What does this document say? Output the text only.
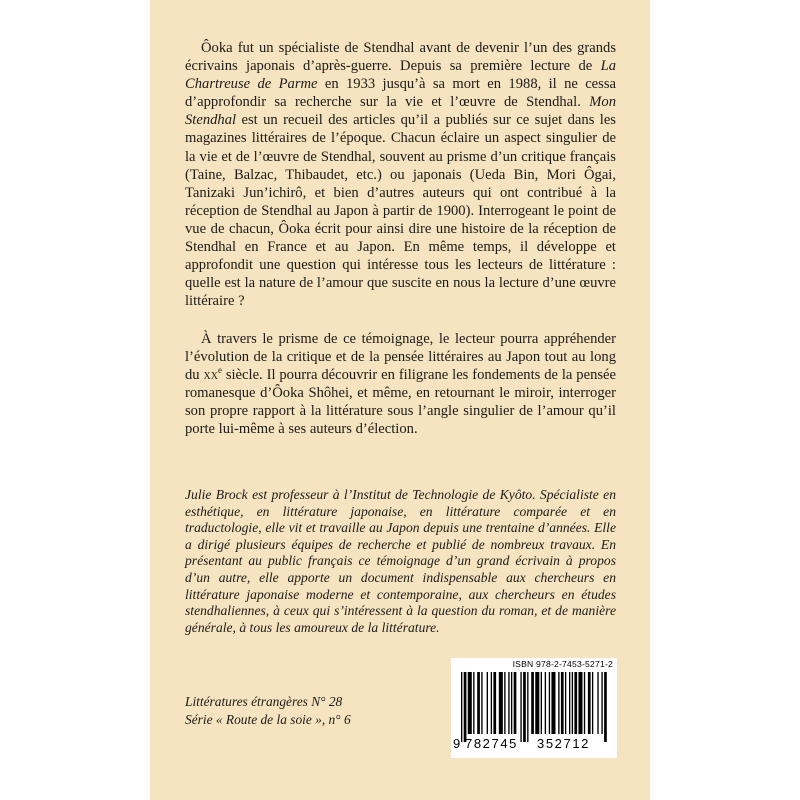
Ôoka fut un spécialiste de Stendhal avant de devenir l’un des grands écrivains japonais d’après-guerre. Depuis sa première lecture de La Chartreuse de Parme en 1933 jusqu’à sa mort en 1988, il ne cessa d’approfondir sa recherche sur la vie et l’œuvre de Stendhal. Mon Stendhal est un recueil des articles qu’il a publiés sur ce sujet dans les magazines littéraires de l’époque. Chacun éclaire un aspect singulier de la vie et de l’œuvre de Stendhal, souvent au prisme d’un critique français (Taine, Balzac, Thibaudet, etc.) ou japonais (Ueda Bin, Mori Ôgai, Tanizaki Jun’ichirô, et bien d’autres auteurs qui ont contribué à la réception de Stendhal au Japon à partir de 1900). Interrogeant le point de vue de chacun, Ôoka écrit pour ainsi dire une histoire de la réception de Stendhal en France et au Japon. En même temps, il développe et approfondit une question qui intéresse tous les lecteurs de littérature : quelle est la nature de l’amour que suscite en nous la lecture d’une œuvre littéraire ?

À travers le prisme de ce témoignage, le lecteur pourra appréhender l’évolution de la critique et de la pensée littéraires au Japon tout au long du $xx^e$ siècle. Il pourra découvrir en filigrane les fondements de la pensée romanesque d’Ôoka Shôhei, et même, en retournant le miroir, interroger son propre rapport à la littérature sous l’angle singulier de l’amour qu’il porte lui-même à ses auteurs d’élection.

Julie Brock est professeur à l’Institut de Technologie de Kyôto. Spécialiste en esthétique, en littérature japonaise, en littérature comparée et en traductologie, elle vit et travaille au Japon depuis une trentaine d’années. Elle a dirigé plusieurs équipes de recherche et publié de nombreux travaux. En présentant au public français ce témoignage d’un grand écrivain à propos d’un autre, elle apporte un document indispensable aux chercheurs en littérature japonaise moderne et contemporaine, aux chercheurs en études stendhaliennes, à ceux qui s’intéressent à la question du roman, et de manière générale, à tous les amoureux de la littérature.

Littératures étrangères N° 28
Série « Route de la soie », n° 6
ISBN 978-2-7453-5271-2
9 782745 352712
